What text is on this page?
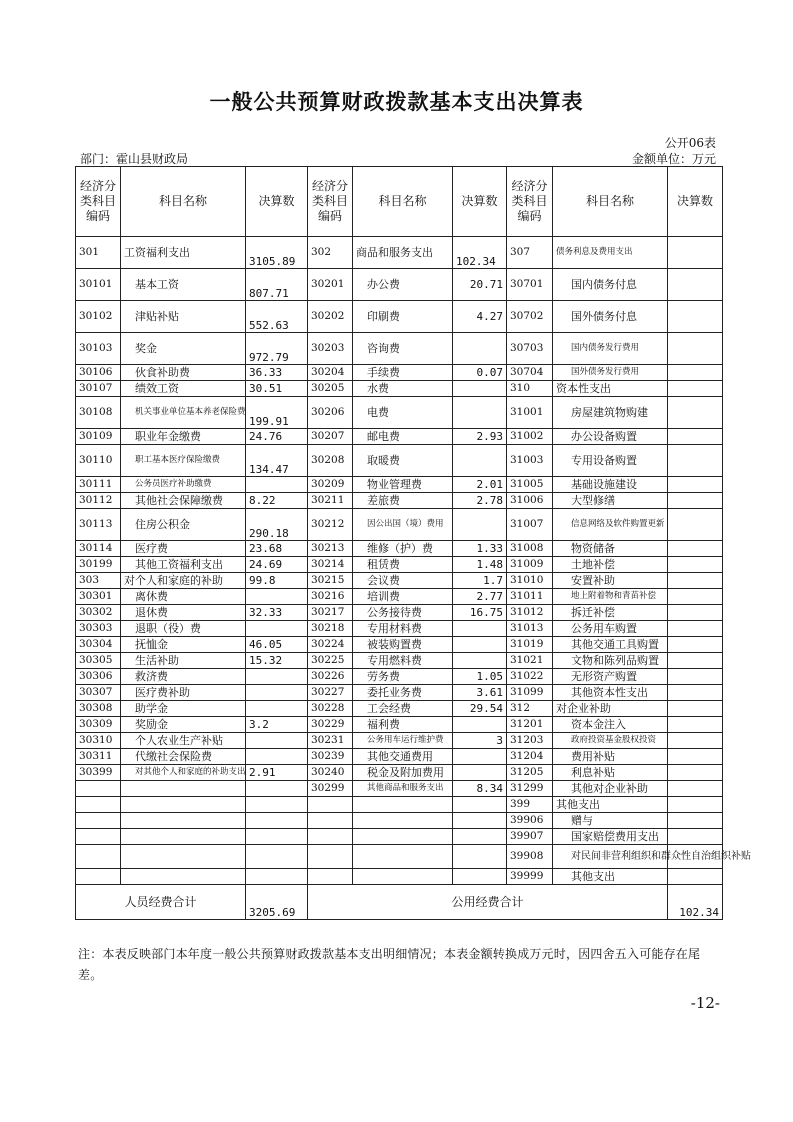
一般公共预算财政拨款基本支出决算表
公开06表
部门：霍山县财政局	金额单位：万元
经济分类科目编码	科目名称	决算数	经济分类科目编码	科目名称	决算数	经济分类科目编码	科目名称	决算数
301	工资福利支出	3105.89	302	商品和服务支出	102.34	307	债务利息及费用支出	
30101	基本工资	807.71	30201	办公费	20.71	30701	国内债务付息	
30102	津贴补贴	552.63	30202	印刷费	4.27	30702	国外债务付息	
30103	奖金	972.79	30203	咨询费		30703	国内债务发行费用	
30106	伙食补助费	36.33	30204	手续费	0.07	30704	国外债务发行费用	
30107	绩效工资	30.51	30205	水费		310	资本性支出	
30108	机关事业单位基本养老保险费	199.91	30206	电费		31001	房屋建筑物购建	
30109	职业年金缴费	24.76	30207	邮电费	2.93	31002	办公设备购置	
30110	职工基本医疗保险缴费	134.47	30208	取暖费		31003	专用设备购置	
30111	公务员医疗补助缴费		30209	物业管理费	2.01	31005	基础设施建设	
30112	其他社会保障缴费	8.22	30211	差旅费	2.78	31006	大型修缮	
30113	住房公积金	290.18	30212	因公出国（境）费用		31007	信息网络及软件购置更新	
30114	医疗费	23.68	30213	维修（护）费	1.33	31008	物资储备	
30199	其他工资福利支出	24.69	30214	租赁费	1.48	31009	土地补偿	
303	对个人和家庭的补助	99.8	30215	会议费	1.7	31010	安置补助	
30301	离休费		30216	培训费	2.77	31011	地上附着物和青苗补偿	
30302	退休费	32.33	30217	公务接待费	16.75	31012	拆迁补偿	
30303	退职（役）费		30218	专用材料费		31013	公务用车购置	
30304	抚恤金	46.05	30224	被装购置费		31019	其他交通工具购置	
30305	生活补助	15.32	30225	专用燃料费		31021	文物和陈列品购置	
30306	救济费		30226	劳务费	1.05	31022	无形资产购置	
30307	医疗费补助		30227	委托业务费	3.61	31099	其他资本性支出	
30308	助学金		30228	工会经费	29.54	312	对企业补助	
30309	奖励金	3.2	30229	福利费		31201	资本金注入	
30310	个人农业生产补贴		30231	公务用车运行维护费	3	31203	政府投资基金股权投资	
30311	代缴社会保险费		30239	其他交通费用		31204	费用补贴	
30399	对其他个人和家庭的补助支出	2.91	30240	税金及附加费用		31205	利息补贴	
			30299	其他商品和服务支出	8.34	31299	其他对企业补助	
						399	其他支出	
						39906	赠与	
						39907	国家赔偿费用支出	
						39908	对民间非营利组织和群众性自治组织补贴	
						39999	其他支出	
人员经费合计		3205.69	公用经费合计					102.34
注：本表反映部门本年度一般公共预算财政拨款基本支出明细情况；本表金额转换成万元时，因四舍五入可能存在尾差。
-12-
